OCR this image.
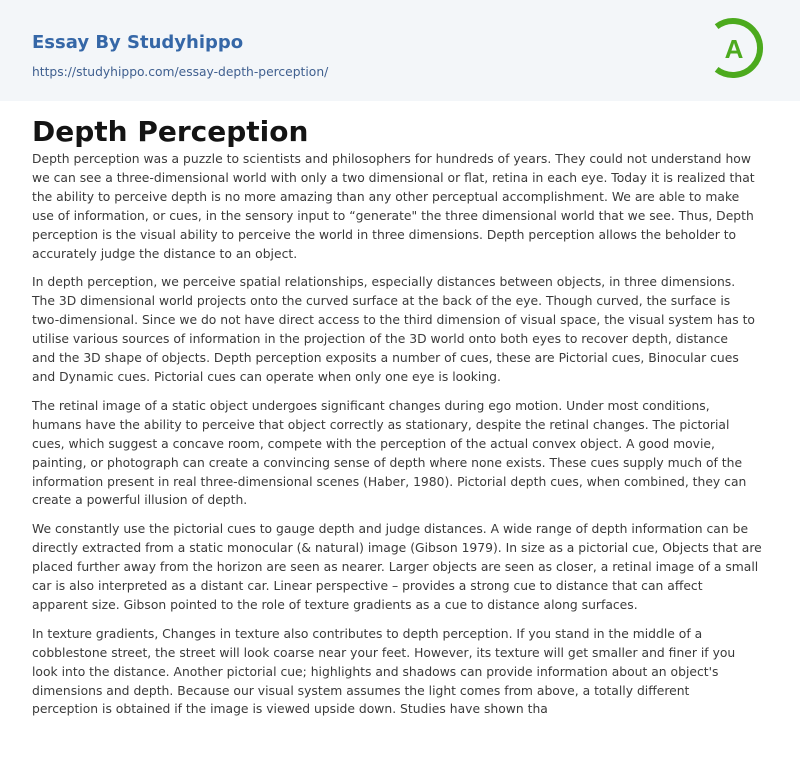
Essay By Studyhippo
https://studyhippo.com/essay-depth-perception/
A
Depth Perception
Depth perception was a puzzle to scientists and philosophers for hundreds of years. They could not understand how
we can see a three-dimensional world with only a two dimensional or flat, retina in each eye. Today it is realized that
the ability to perceive depth is no more amazing than any other perceptual accomplishment. We are able to make
use of information, or cues, in the sensory input to “generate" the three dimensional world that we see. Thus, Depth
perception is the visual ability to perceive the world in three dimensions. Depth perception allows the beholder to
accurately judge the distance to an object.
In depth perception, we perceive spatial relationships, especially distances between objects, in three dimensions.
The 3D dimensional world projects onto the curved surface at the back of the eye. Though curved, the surface is
two-dimensional. Since we do not have direct access to the third dimension of visual space, the visual system has to
utilise various sources of information in the projection of the 3D world onto both eyes to recover depth, distance
and the 3D shape of objects. Depth perception exposits a number of cues, these are Pictorial cues, Binocular cues
and Dynamic cues. Pictorial cues can operate when only one eye is looking.
The retinal image of a static object undergoes significant changes during ego motion. Under most conditions,
humans have the ability to perceive that object correctly as stationary, despite the retinal changes. The pictorial
cues, which suggest a concave room, compete with the perception of the actual convex object. A good movie,
painting, or photograph can create a convincing sense of depth where none exists. These cues supply much of the
information present in real three-dimensional scenes (Haber, 1980). Pictorial depth cues, when combined, they can
create a powerful illusion of depth.
We constantly use the pictorial cues to gauge depth and judge distances. A wide range of depth information can be
directly extracted from a static monocular (& natural) image (Gibson 1979). In size as a pictorial cue, Objects that are
placed further away from the horizon are seen as nearer. Larger objects are seen as closer, a retinal image of a small
car is also interpreted as a distant car. Linear perspective – provides a strong cue to distance that can affect
apparent size. Gibson pointed to the role of texture gradients as a cue to distance along surfaces.
In texture gradients, Changes in texture also contributes to depth perception. If you stand in the middle of a
cobblestone street, the street will look coarse near your feet. However, its texture will get smaller and finer if you
look into the distance. Another pictorial cue; highlights and shadows can provide information about an object's
dimensions and depth. Because our visual system assumes the light comes from above, a totally different
perception is obtained if the image is viewed upside down. Studies have shown tha
